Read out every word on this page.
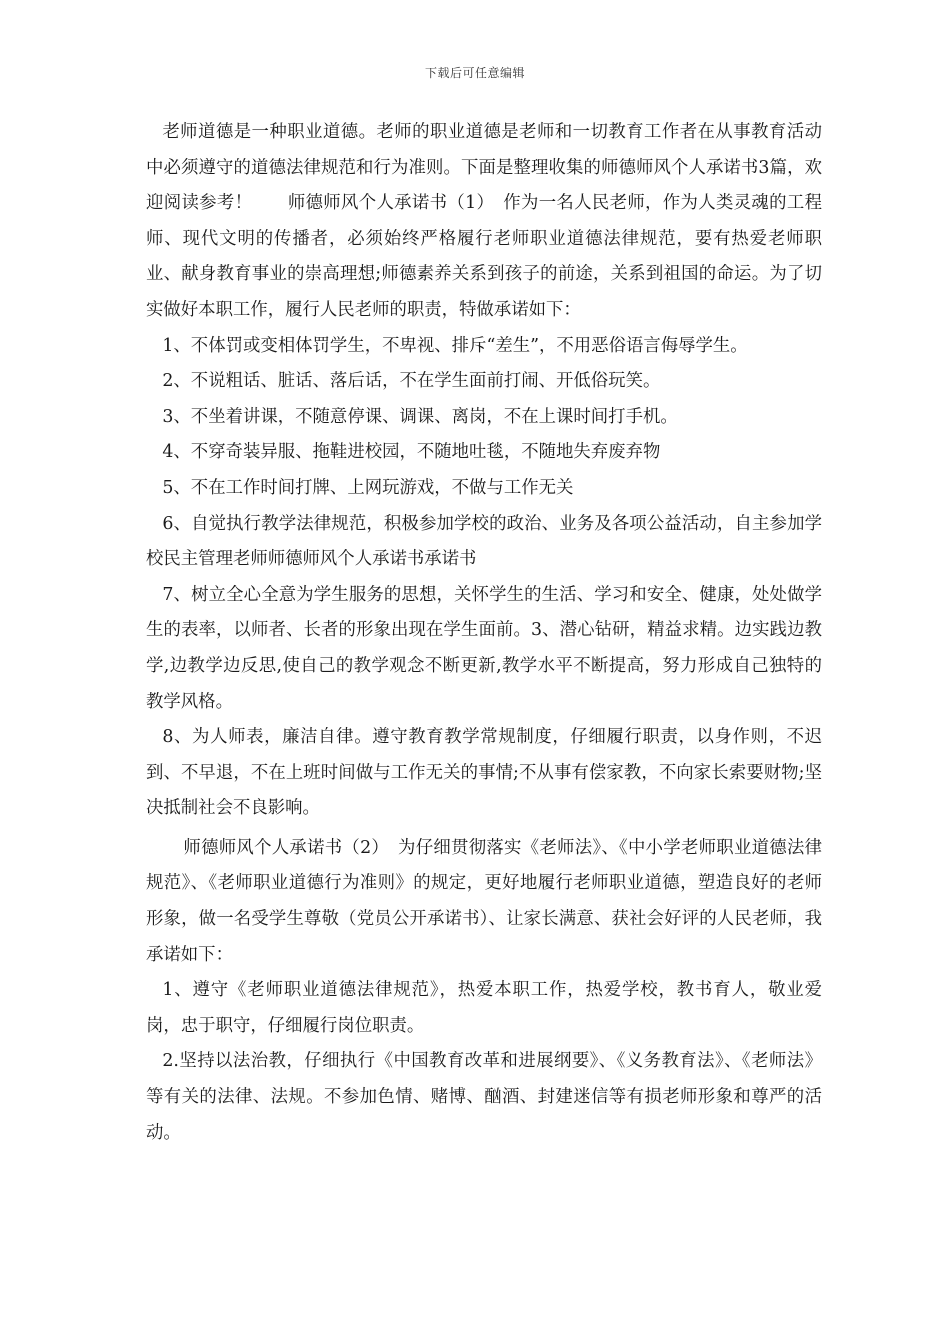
下载后可任意编辑

老师道德是一种职业道德。老师的职业道德是老师和一切教育工作者在从事教育活动中必须遵守的道德法律规范和行为准则。下面是整理收集的师德师风个人承诺书3篇，欢迎阅读参考！　　师德师风个人承诺书（1）　作为一名人民老师，作为人类灵魂的工程师、现代文明的传播者，必须始终严格履行老师职业道德法律规范，要有热爱老师职业、献身教育事业的崇高理想;师德素养关系到孩子的前途，关系到祖国的命运。为了切实做好本职工作，履行人民老师的职责，特做承诺如下：

1、不体罚或变相体罚学生，不卑视、排斥“差生”，不用恶俗语言侮辱学生。

2、不说粗话、脏话、落后话，不在学生面前打闹、开低俗玩笑。

3、不坐着讲课，不随意停课、调课、离岗，不在上课时间打手机。

4、不穿奇装异服、拖鞋进校园，不随地吐毯，不随地失弃废弃物

5、不在工作时间打牌、上网玩游戏，不做与工作无关

6、自觉执行教学法律规范，积极参加学校的政治、业务及各项公益活动，自主参加学校民主管理老师师德师风个人承诺书承诺书

7、树立全心全意为学生服务的思想，关怀学生的生活、学习和安全、健康，处处做学生的表率，以师者、长者的形象出现在学生面前。3、潜心钻研，精益求精。边实践边教学,边教学边反思,使自己的教学观念不断更新,教学水平不断提高，努力形成自己独特的教学风格。

8、为人师表，廉洁自律。遵守教育教学常规制度，仔细履行职责，以身作则，不迟到、不早退，不在上班时间做与工作无关的事情;不从事有偿家教，不向家长索要财物;坚决抵制社会不良影响。

师德师风个人承诺书（2）　为仔细贯彻落实《老师法》、《中小学老师职业道德法律规范》、《老师职业道德行为准则》的规定，更好地履行老师职业道德，塑造良好的老师形象，做一名受学生尊敬（党员公开承诺书）、让家长满意、获社会好评的人民老师，我承诺如下：

1、遵守《老师职业道德法律规范》，热爱本职工作，热爱学校，教书育人，敬业爱岗，忠于职守，仔细履行岗位职责。

2.坚持以法治教，仔细执行《中国教育改革和进展纲要》、《义务教育法》、《老师法》等有关的法律、法规。不参加色情、赌博、酗酒、封建迷信等有损老师形象和尊严的活动。
